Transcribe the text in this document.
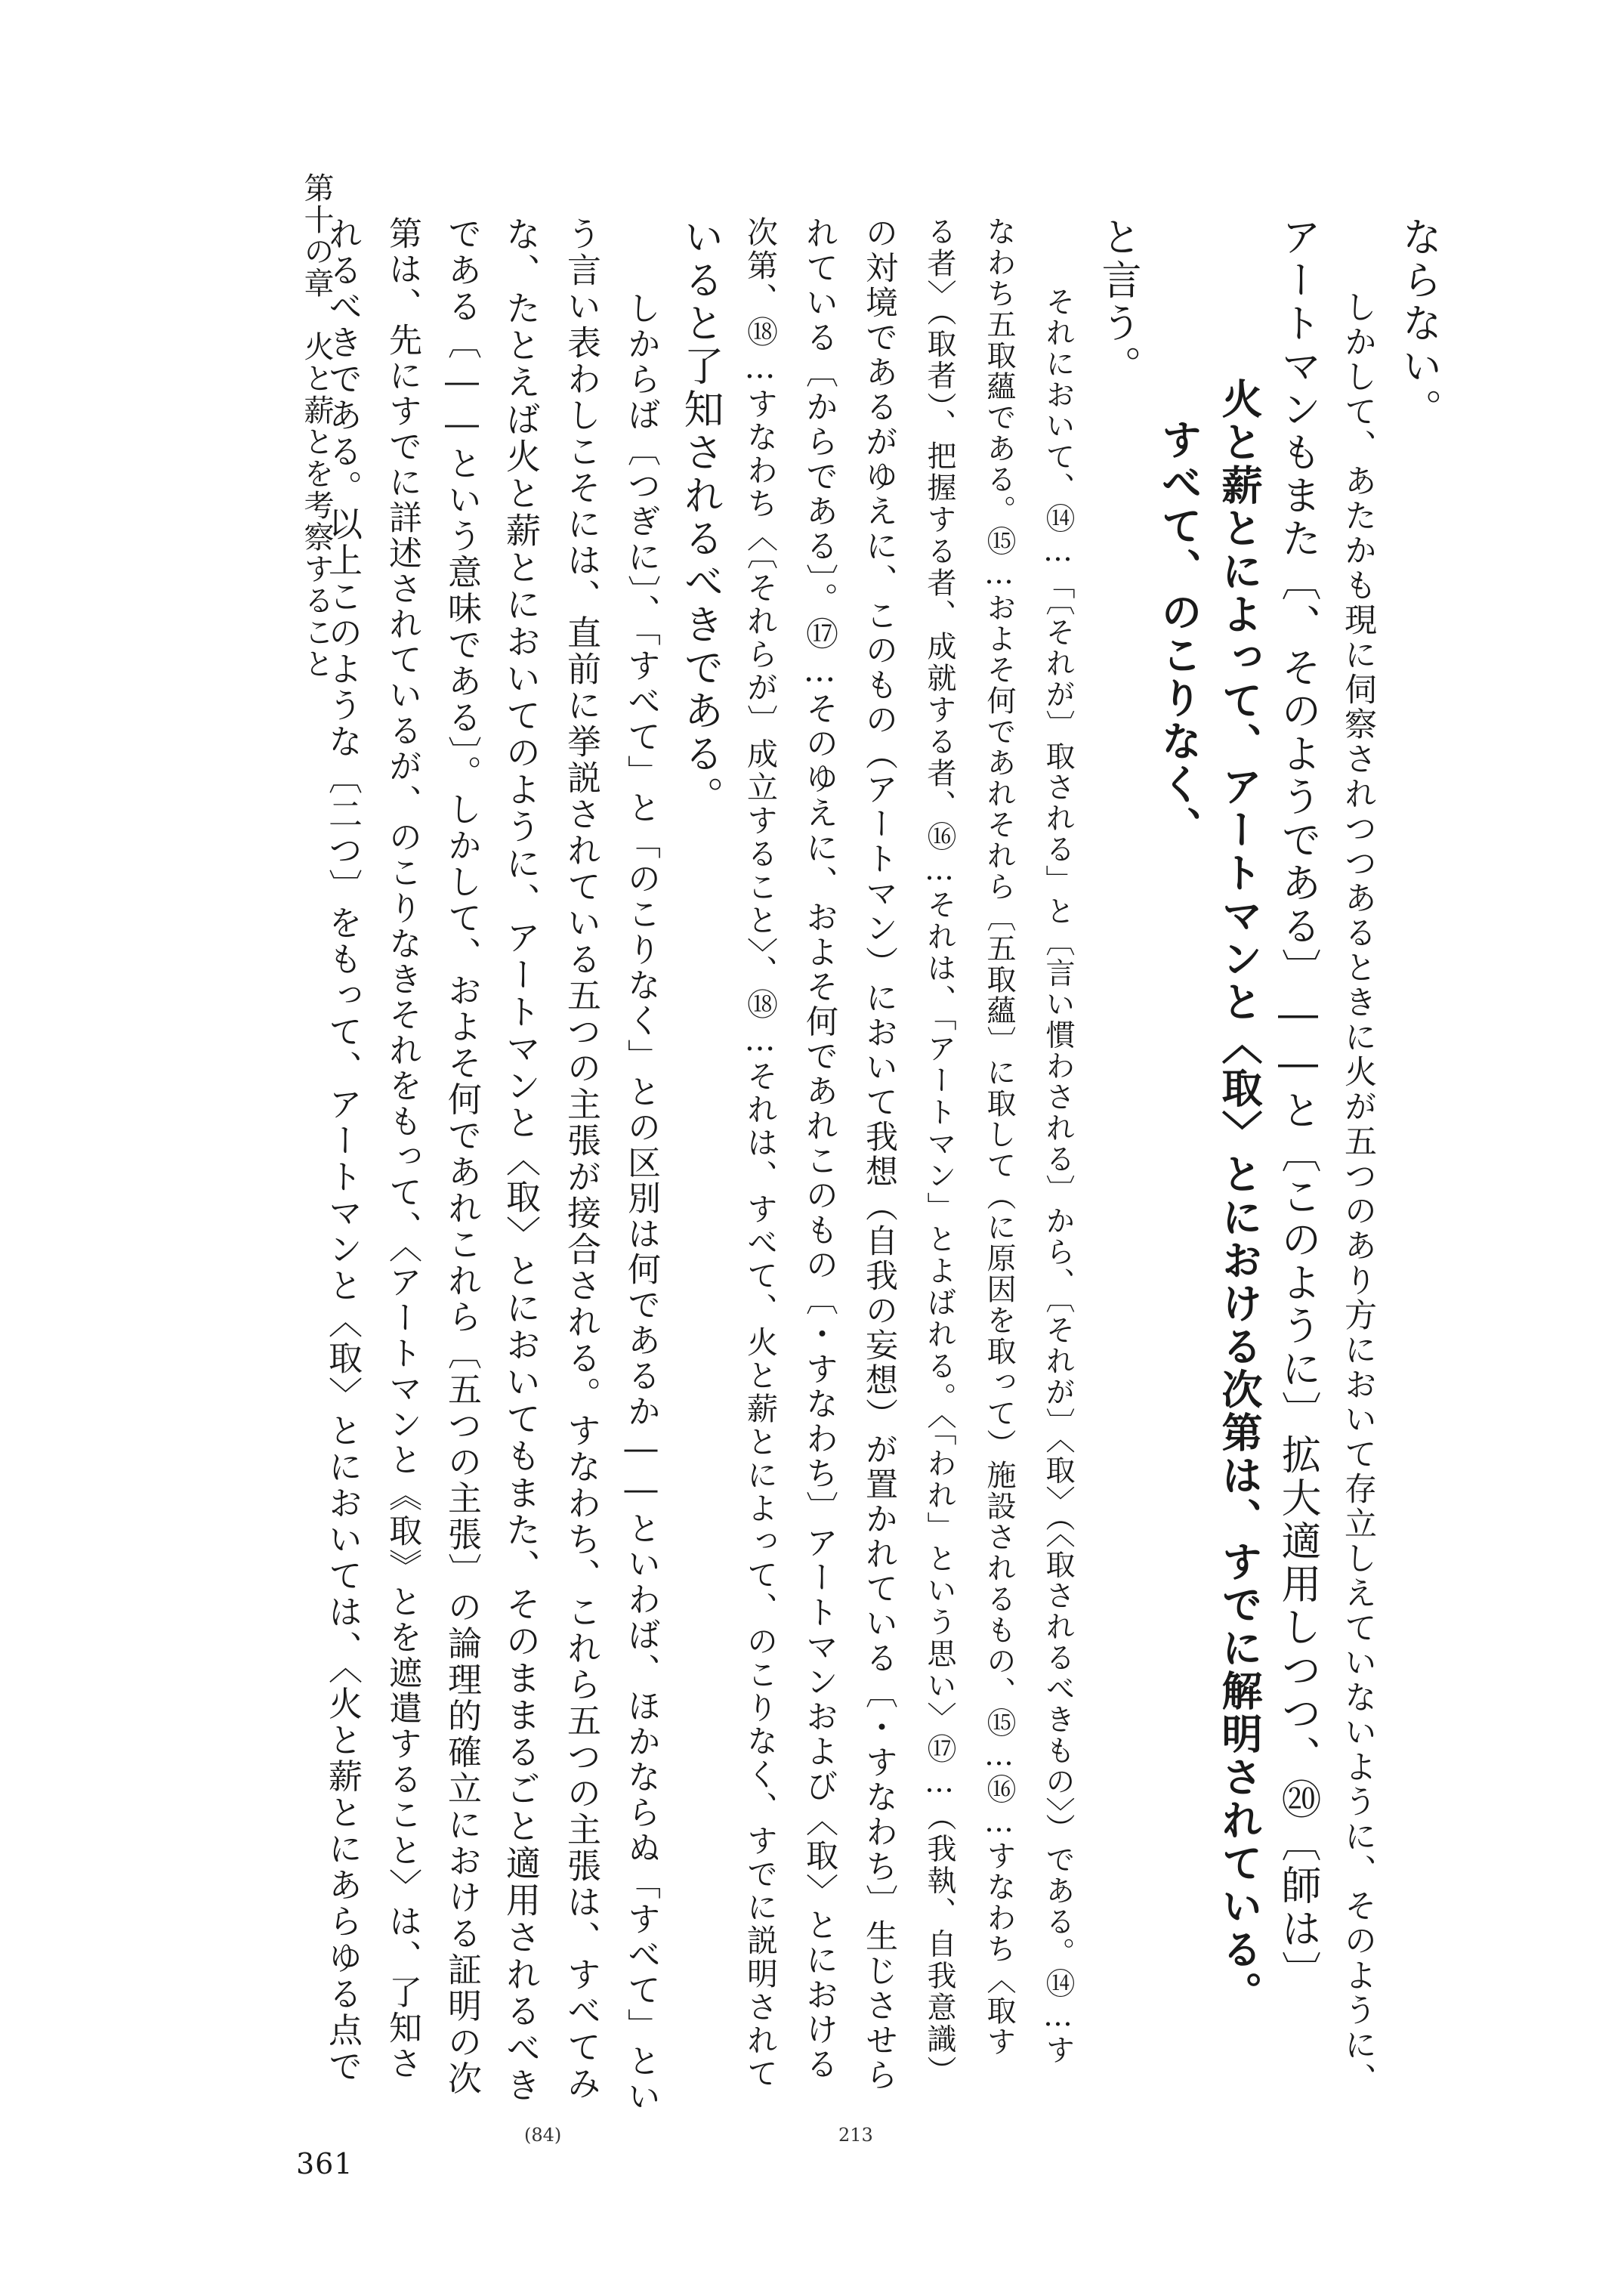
第十の章　火と薪とを考察すること	ならない。
　しかして、あたかも現に伺察されつつあるときに火が五つのあり方において存立しえていないように、そのように、
アートマンもまた〔、そのようである〕――と〔このように〕拡大適用しつつ、⑳〔師は〕
火と薪とによって、アートマンと〈取〉とにおける次第は、すでに解明されている。
すべて、のこりなく、
と言う。
　それにおいて、⑭…「〔それが〕取される」と〔言い慣わされる〕から、〔それが〕〈取〉（〈取されるべきもの〉）である。⑭…す
なわち五取蘊である。⑮…およそ何であれそれら〔五取蘊〕に取して（に原因を取って）施設されるもの、⑮…⑯…すなわち〈取す
る者〉（取者）、把握する者、成就する者、⑯…それは、「アートマン」とよばれる。〈「われ」という思い〉⑰…（我執、自我意識）
の対境であるがゆえに、このもの（アートマン）において我想（自我の妄想）が置かれている〔・すなわち〕生じさせら
れている〔からである〕。⑰…そのゆえに、およそ何であれこのもの〔・すなわち〕アートマンおよび〈取〉とにおける
次第、⑱…すなわち〈〔それらが〕成立すること〉、⑱…それは、すべて、火と薪とによって、のこりなく、すでに説明されて
いると了知されるべきである。
　しからば〔つぎに〕、「すべて」と「のこりなく」との区別は何であるか――といわば、ほかならぬ「すべて」とい
う言い表わしこそには、直前に挙説されている五つの主張が接合される。すなわち、これら五つの主張は、すべてみ
な、たとえば火と薪とにおいてのように、アートマンと〈取〉とにおいてもまた、そのままるごと適用されるべき
である〔――という意味である〕。しかして、およそ何であれこれら〔五つの主張〕の論理的確立における証明の次
第は、先にすでに詳述されているが、のこりなきそれをもって、〈アートマンと《取》とを遮遣すること〉は、了知さ
れるべきである。以上このような〔二つ〕をもって、アートマンと〈取〉とにおいては、〈火と薪とにあらゆる点で
(84)	213
361
